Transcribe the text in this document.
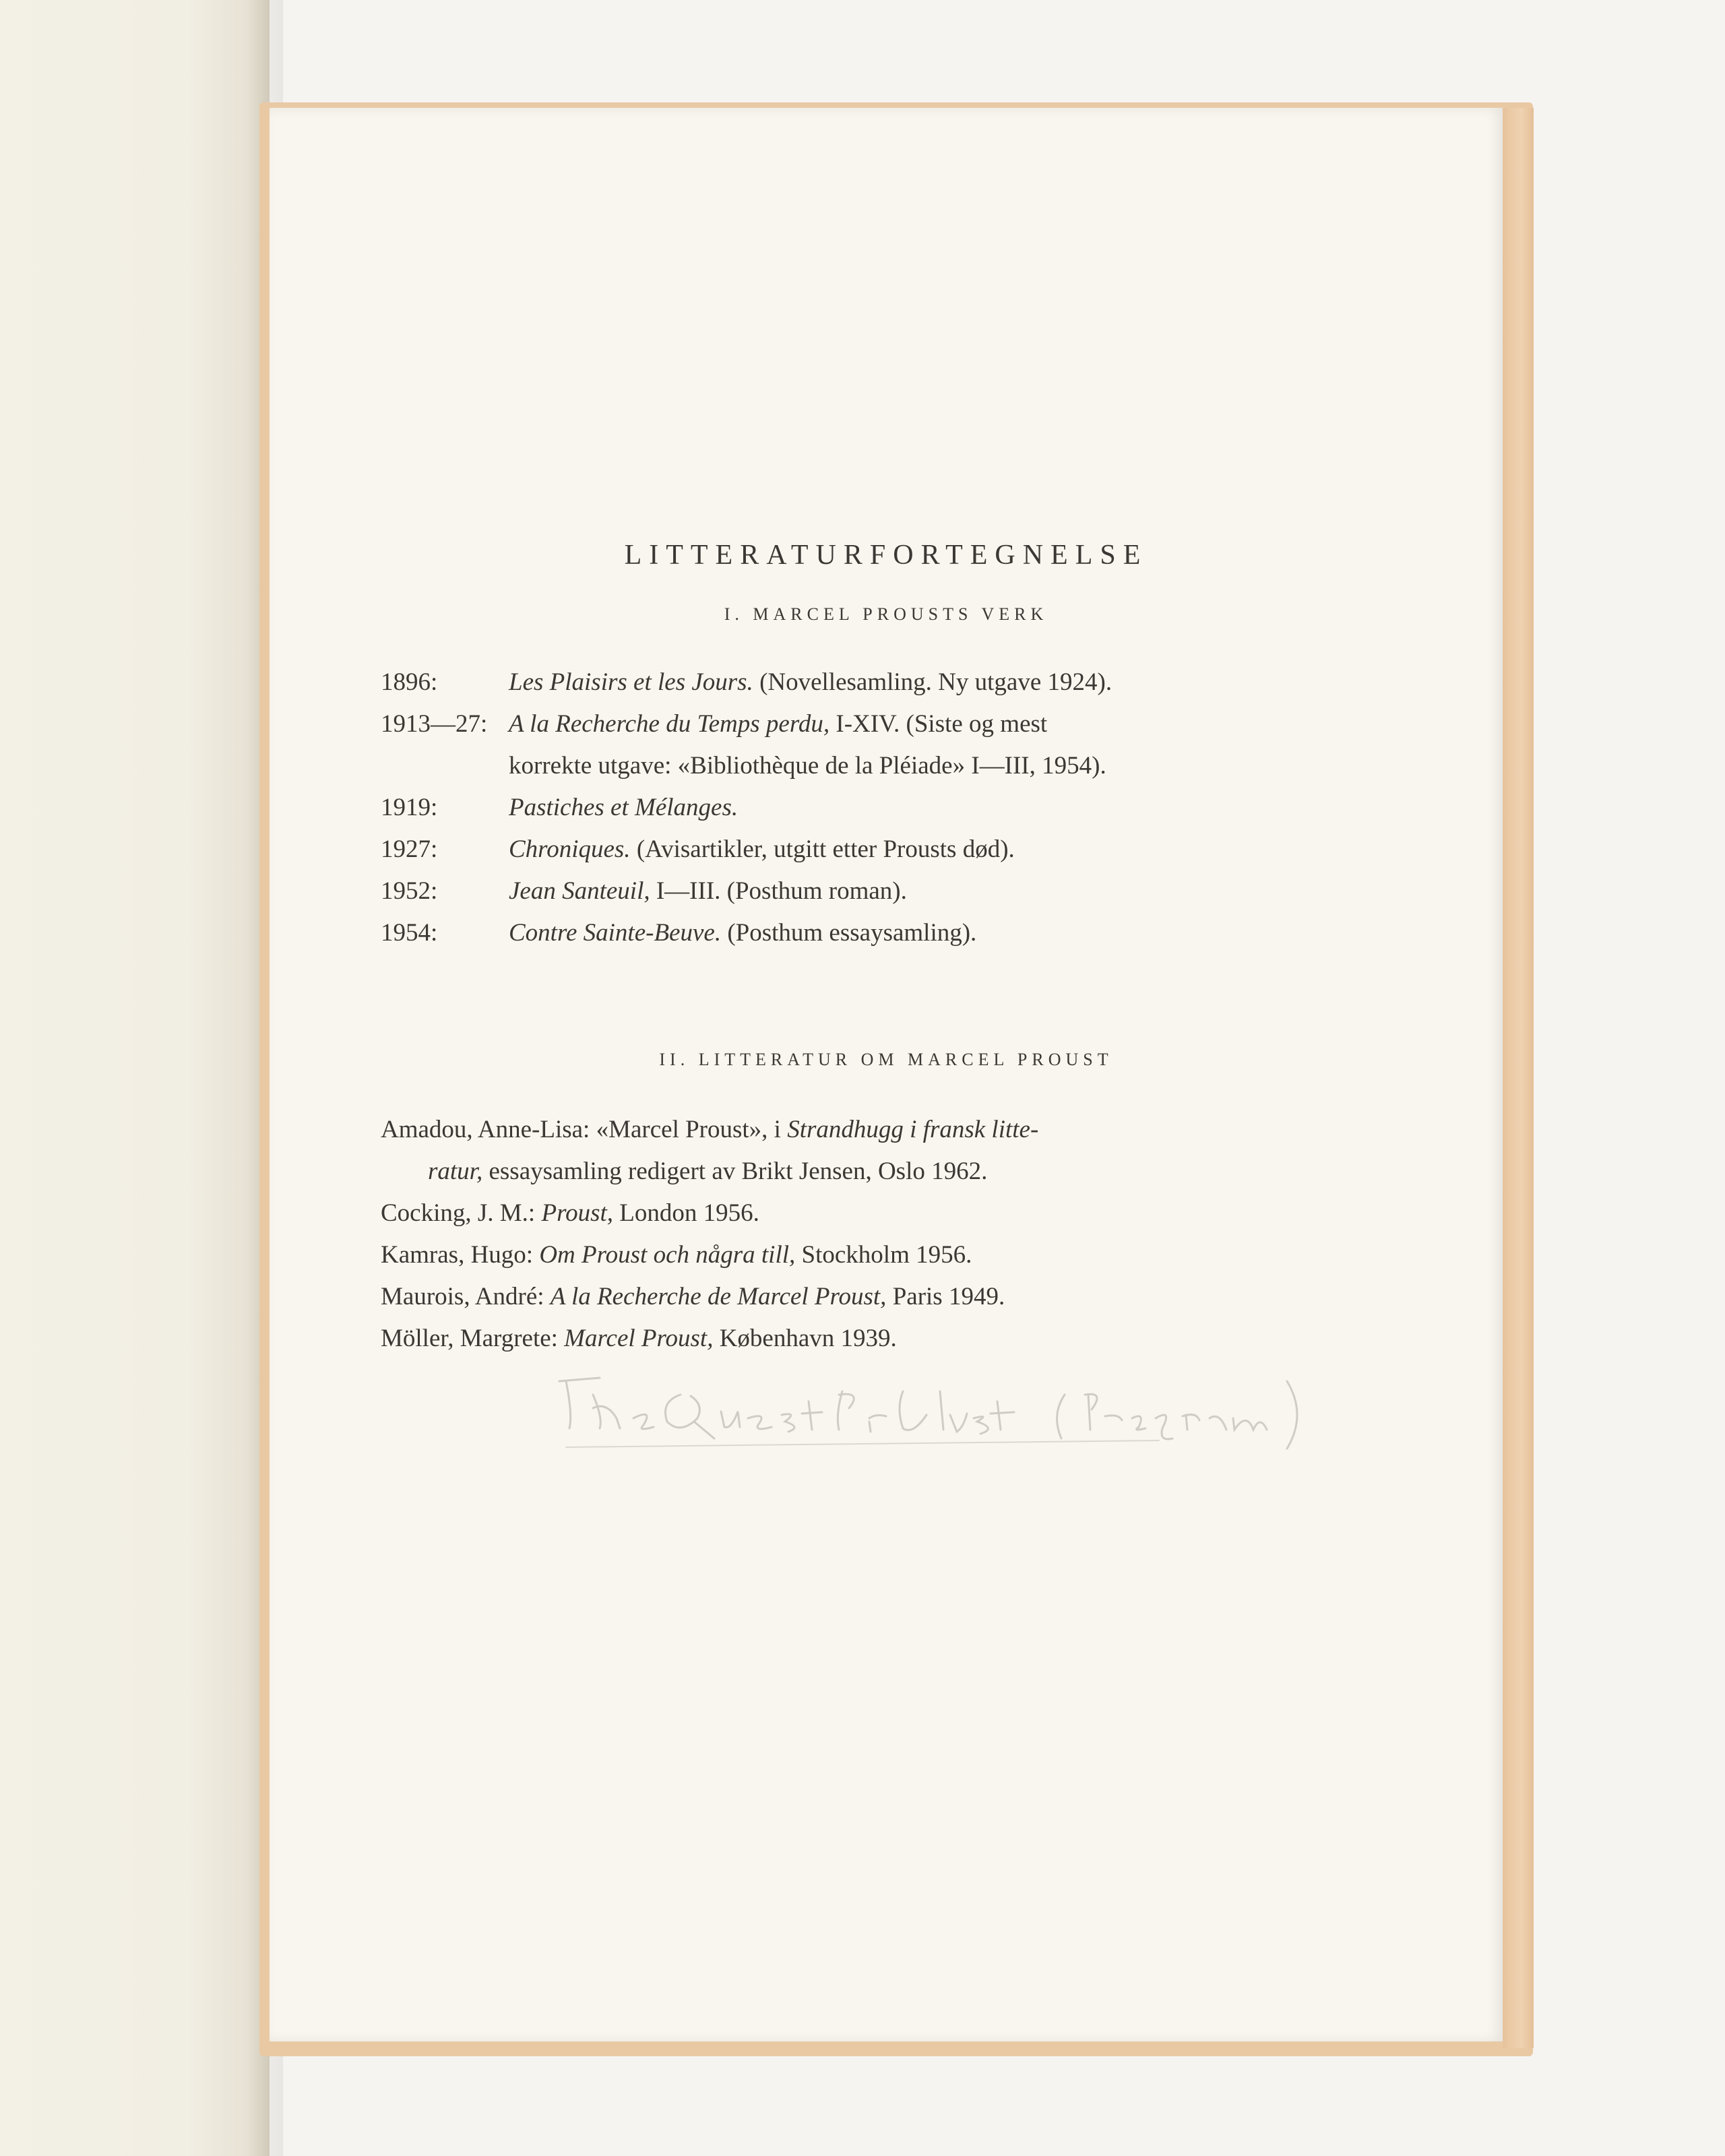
LITTERATURFORTEGNELSE
I. MARCEL PROUSTS VERK
1896:	Les Plaisirs et les Jours. (Novellesamling. Ny utgave 1924).
1913—27: A la Recherche du Temps perdu, I-XIV. (Siste og mest
korrekte utgave: «Bibliothèque de la Pléiade» I—III, 1954).
1919:	Pastiches et Mélanges.
1927:	Chroniques. (Avisartikler, utgitt etter Prousts død).
1952:	Jean Santeuil, I—III. (Posthum roman).
1954:	Contre Sainte-Beuve. (Posthum essaysamling).
II. LITTERATUR OM MARCEL PROUST
Amadou, Anne-Lisa: «Marcel Proust», i Strandhugg i fransk litte-
ratur, essaysamling redigert av Brikt Jensen, Oslo 1962.
Cocking, J. M.: Proust, London 1956.
Kamras, Hugo: Om Proust och några till, Stockholm 1956.
Maurois, André: A la Recherche de Marcel Proust, Paris 1949.
Möller, Margrete: Marcel Proust, København 1939.
